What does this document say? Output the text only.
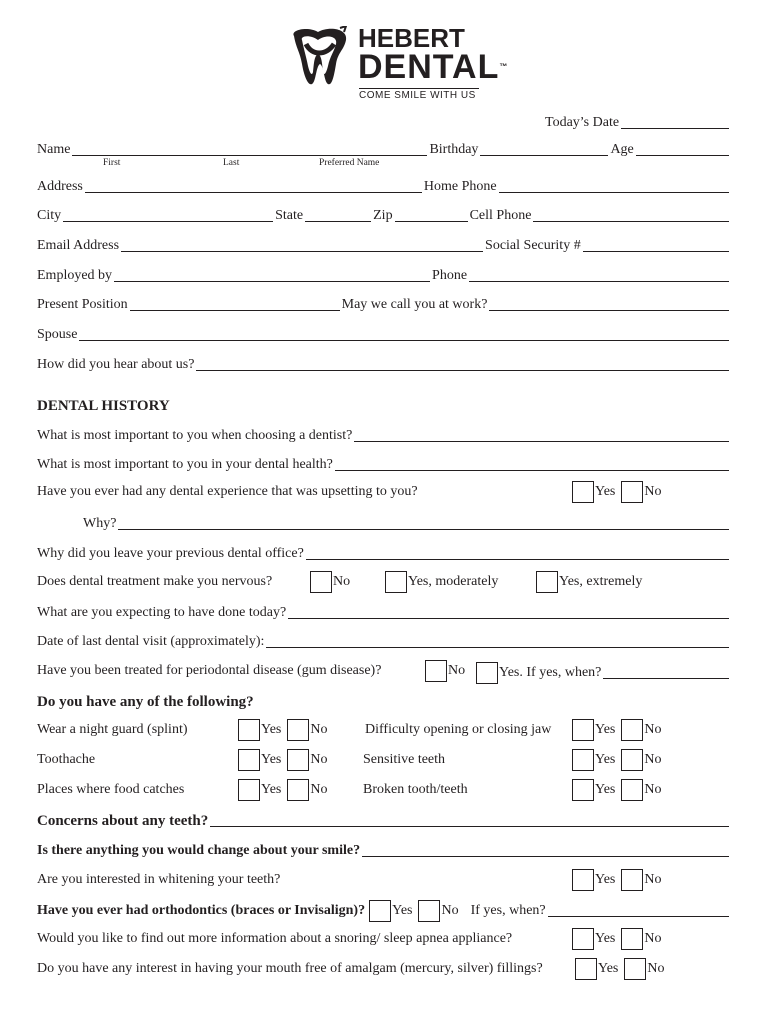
HEBERT
DENTAL™
COME SMILE WITH US
Today’s Date
Name	Birthday	Age
First	Last	Preferred Name
Address	Home Phone
City	State	Zip	Cell Phone
Email Address	Social Security #
Employed by	Phone
Present Position	May we call you at work?
Spouse
How did you hear about us?
DENTAL HISTORY
What is most important to you when choosing a dentist?
What is most important to you in your dental health?
Have you ever had any dental experience that was upsetting to you?	Yes No
Why?
Why did you leave your previous dental office?
Does dental treatment make you nervous?	No	Yes, moderately	Yes, extremely
What are you expecting to have done today?
Date of last dental visit (approximately):
Have you been treated for periodontal disease (gum disease)?	No Yes. If yes, when?
Do you have any of the following?
Wear a night guard (splint)	Yes No	Difficulty opening or closing jaw	Yes No
Toothache	Yes No	Sensitive teeth	Yes No
Places where food catches	Yes No	Broken tooth/teeth	Yes No
Concerns about any teeth?
Is there anything you would change about your smile?
Are you interested in whitening your teeth?	Yes No
Have you ever had orthodontics (braces or Invisalign)? Yes No If yes, when?
Would you like to find out more information about a snoring/ sleep apnea appliance?	Yes No
Do you have any interest in having your mouth free of amalgam (mercury, silver) fillings?	Yes No
